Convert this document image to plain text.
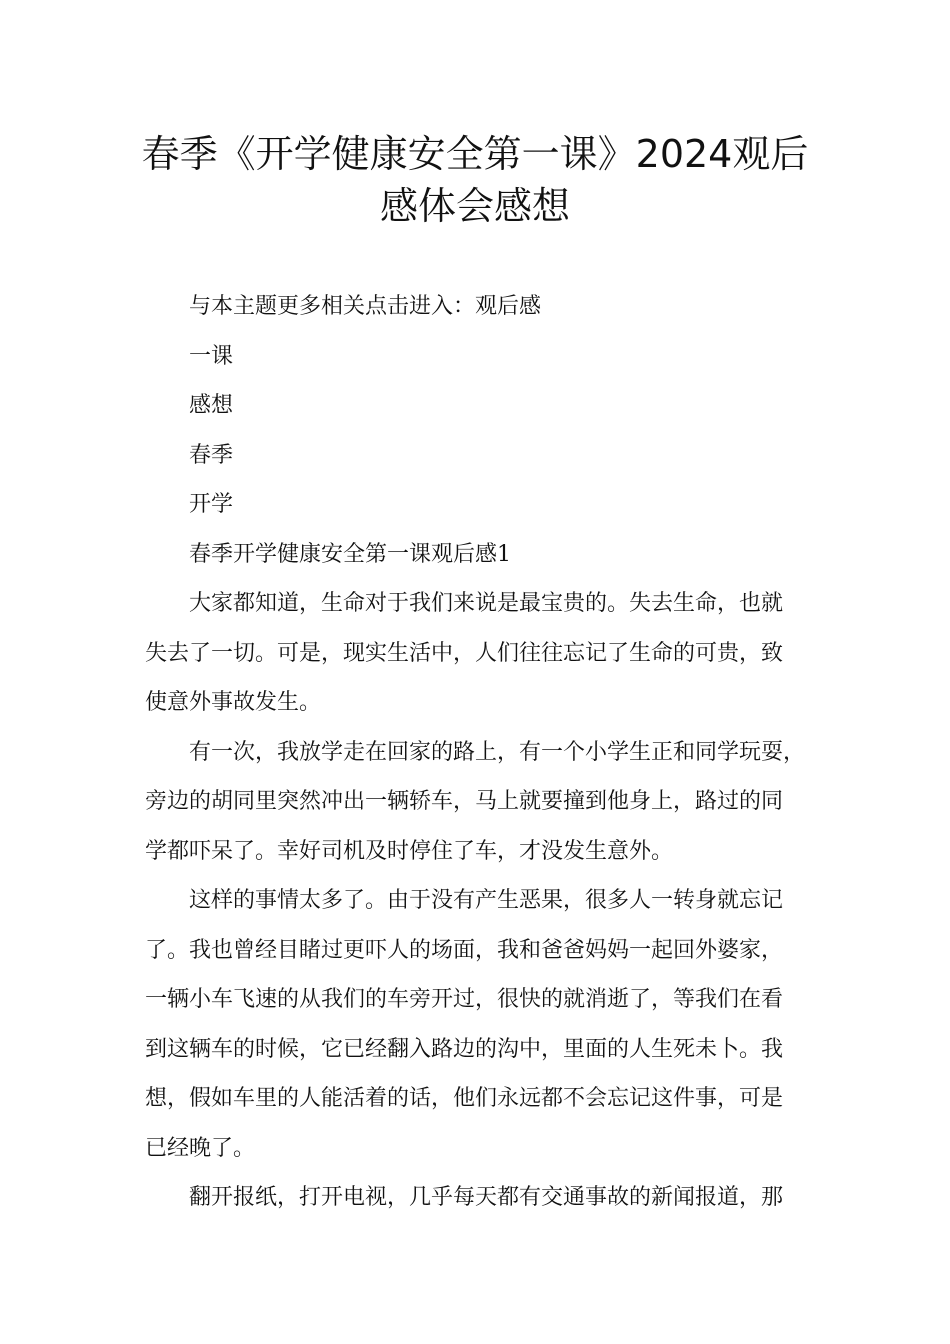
春季《开学健康安全第一课》2024观后
感体会感想
与本主题更多相关点击进入：观后感
一课
感想
春季
开学
春季开学健康安全第一课观后感1
大家都知道，生命对于我们来说是最宝贵的。失去生命，也就
失去了一切。可是，现实生活中，人们往往忘记了生命的可贵，致
使意外事故发生。
有一次，我放学走在回家的路上，有一个小学生正和同学玩耍，
旁边的胡同里突然冲出一辆轿车，马上就要撞到他身上，路过的同
学都吓呆了。幸好司机及时停住了车，才没发生意外。
这样的事情太多了。由于没有产生恶果，很多人一转身就忘记
了。我也曾经目睹过更吓人的场面，我和爸爸妈妈一起回外婆家，
一辆小车飞速的从我们的车旁开过，很快的就消逝了，等我们在看
到这辆车的时候，它已经翻入路边的沟中，里面的人生死未卜。我
想，假如车里的人能活着的话，他们永远都不会忘记这件事，可是
已经晚了。
翻开报纸，打开电视，几乎每天都有交通事故的新闻报道，那
